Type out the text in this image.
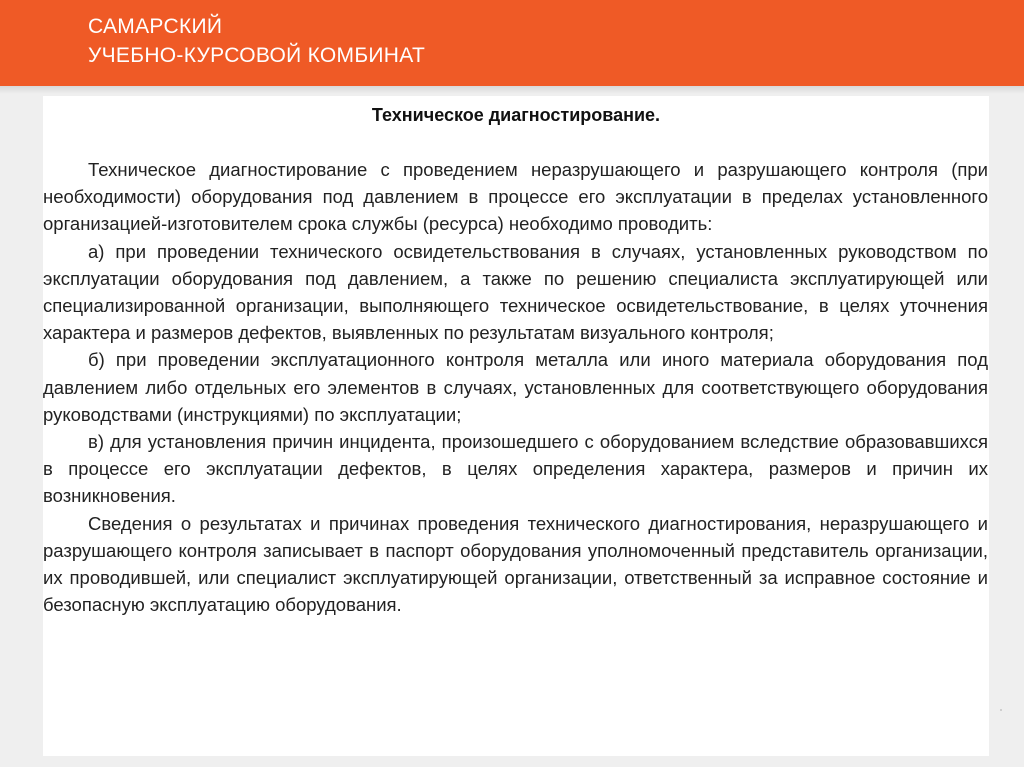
САМАРСКИЙ
УЧЕБНО-КУРСОВОЙ КОМБИНАТ
Техническое диагностирование.

Техническое диагностирование с проведением неразрушающего и разрушающего контроля (при необходимости) оборудования под давлением в процессе его эксплуатации в пределах установленного организацией-изготовителем срока службы (ресурса) необходимо проводить:

а) при проведении технического освидетельствования в случаях, установленных руководством по эксплуатации оборудования под давлением, а также по решению специалиста эксплуатирующей или специализированной организации, выполняющего техническое освидетельствование, в целях уточнения характера и размеров дефектов, выявленных по результатам визуального контроля;

б) при проведении эксплуатационного контроля металла или иного материала оборудования под давлением либо отдельных его элементов в случаях, установленных для соответствующего оборудования руководствами (инструкциями) по эксплуатации;

в) для установления причин инцидента, произошедшего с оборудованием вследствие образовавшихся в процессе его эксплуатации дефектов, в целях определения характера, размеров и причин их возникновения.

Сведения о результатах и причинах проведения технического диагностирования, неразрушающего и разрушающего контроля записывает в паспорт оборудования уполномоченный представитель организации, их проводившей, или специалист эксплуатирующей организации, ответственный за исправное состояние и безопасную эксплуатацию оборудования.
